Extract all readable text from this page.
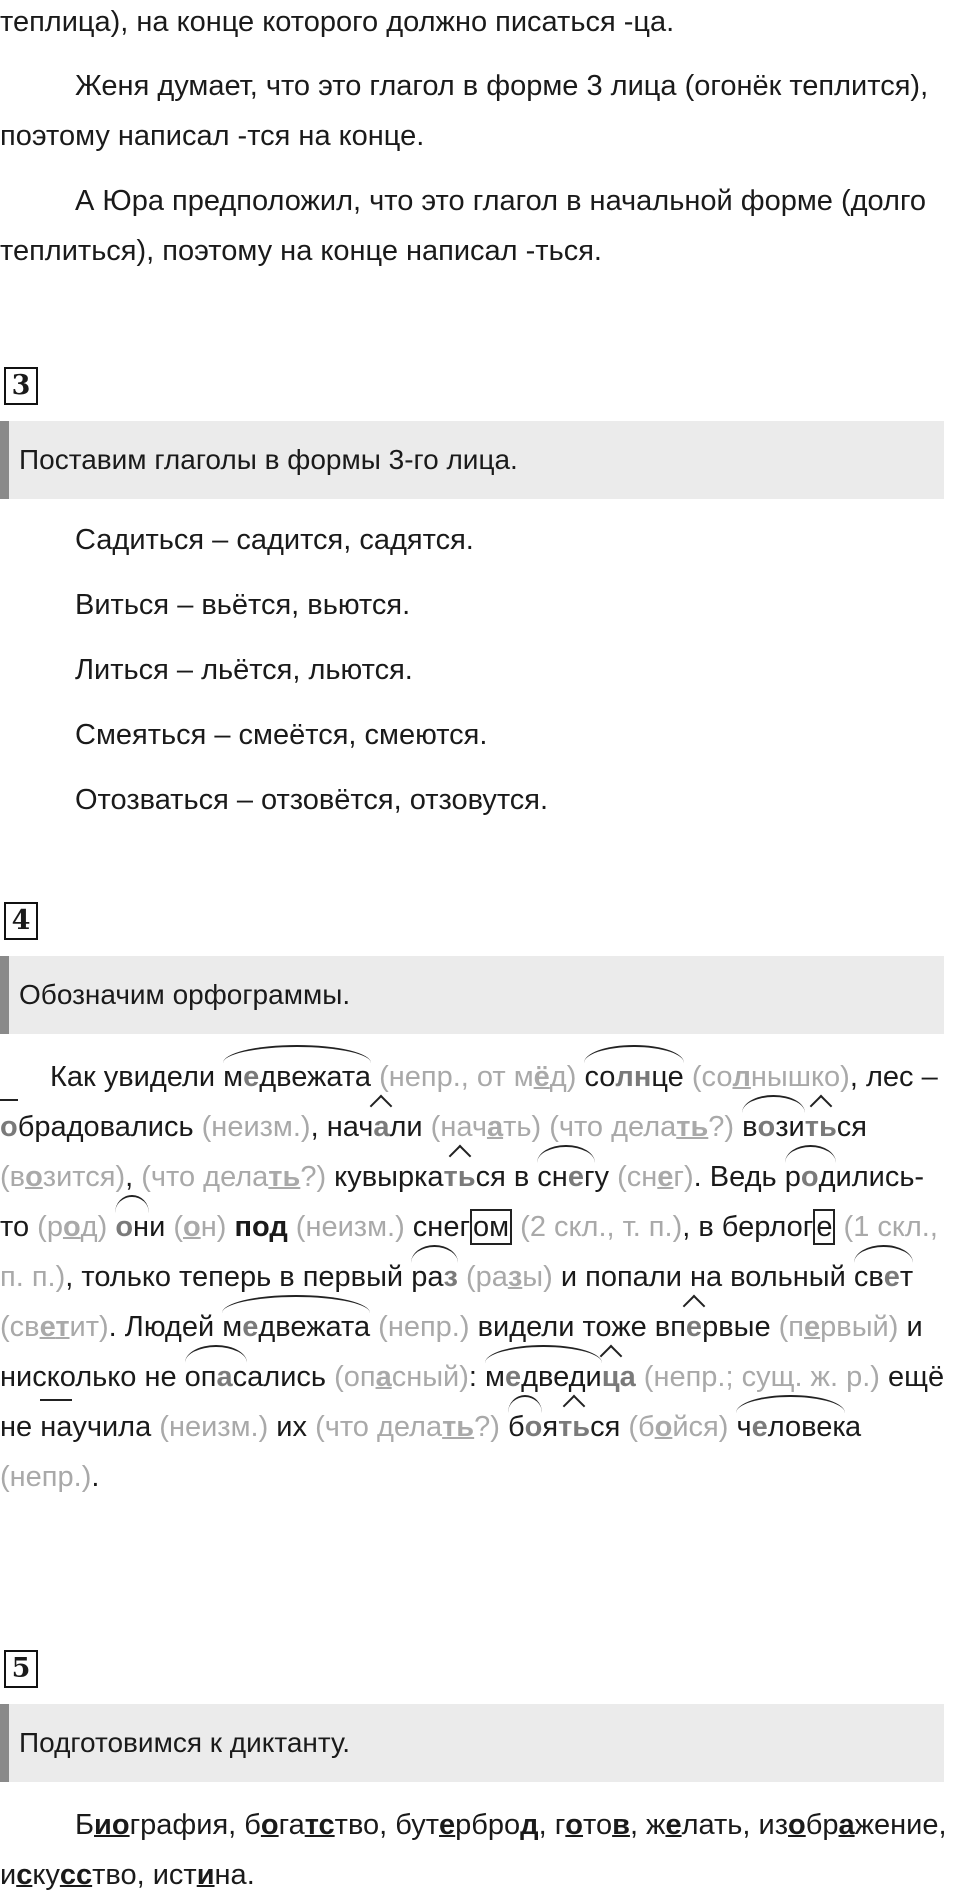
теплица), на конце которого должно писаться -ца.

Женя думает, что это глагол в форме 3 лица (огонёк теплится), поэтому написал -тся на конце.

А Юра предположил, что это глагол в начальной форме (долго теплиться), поэтому на конце написал -ться.

3
Поставим глаголы в формы 3-го лица.

Садиться – садится, садятся.

Виться – вьётся, вьются.

Литься – льётся, льются.

Смеяться – смеётся, смеются.

Отозваться – отзовётся, отзовутся.

4
Обозначим орфограммы.

Как увидели медвежата (непр., от мёд) солнце (солнышко), лес – обрадовались (неизм.), начали (начать) (что делать?) возиться (возится), (что делать?) кувыркаться в снегу (снег). Ведь родились-то (род) они (он) под (неизм.) снег ом (2 скл., т. п.), в берлог е (1 скл., п. п.), только теперь в первый раз (разы) и попали на вольный свет (светит). Людей медвежата (непр.) видели тоже впервые (первый) и нисколько не опасались (опасный): медведица (непр.; сущ. ж. р.) ещё не научила (неизм.) их (что делать?) бояться (бойся) человека (непр.).

5
Подготовимся к диктанту.

Биография, богатство, бутерброд, готов, желать, изображение, искусство, истина.
